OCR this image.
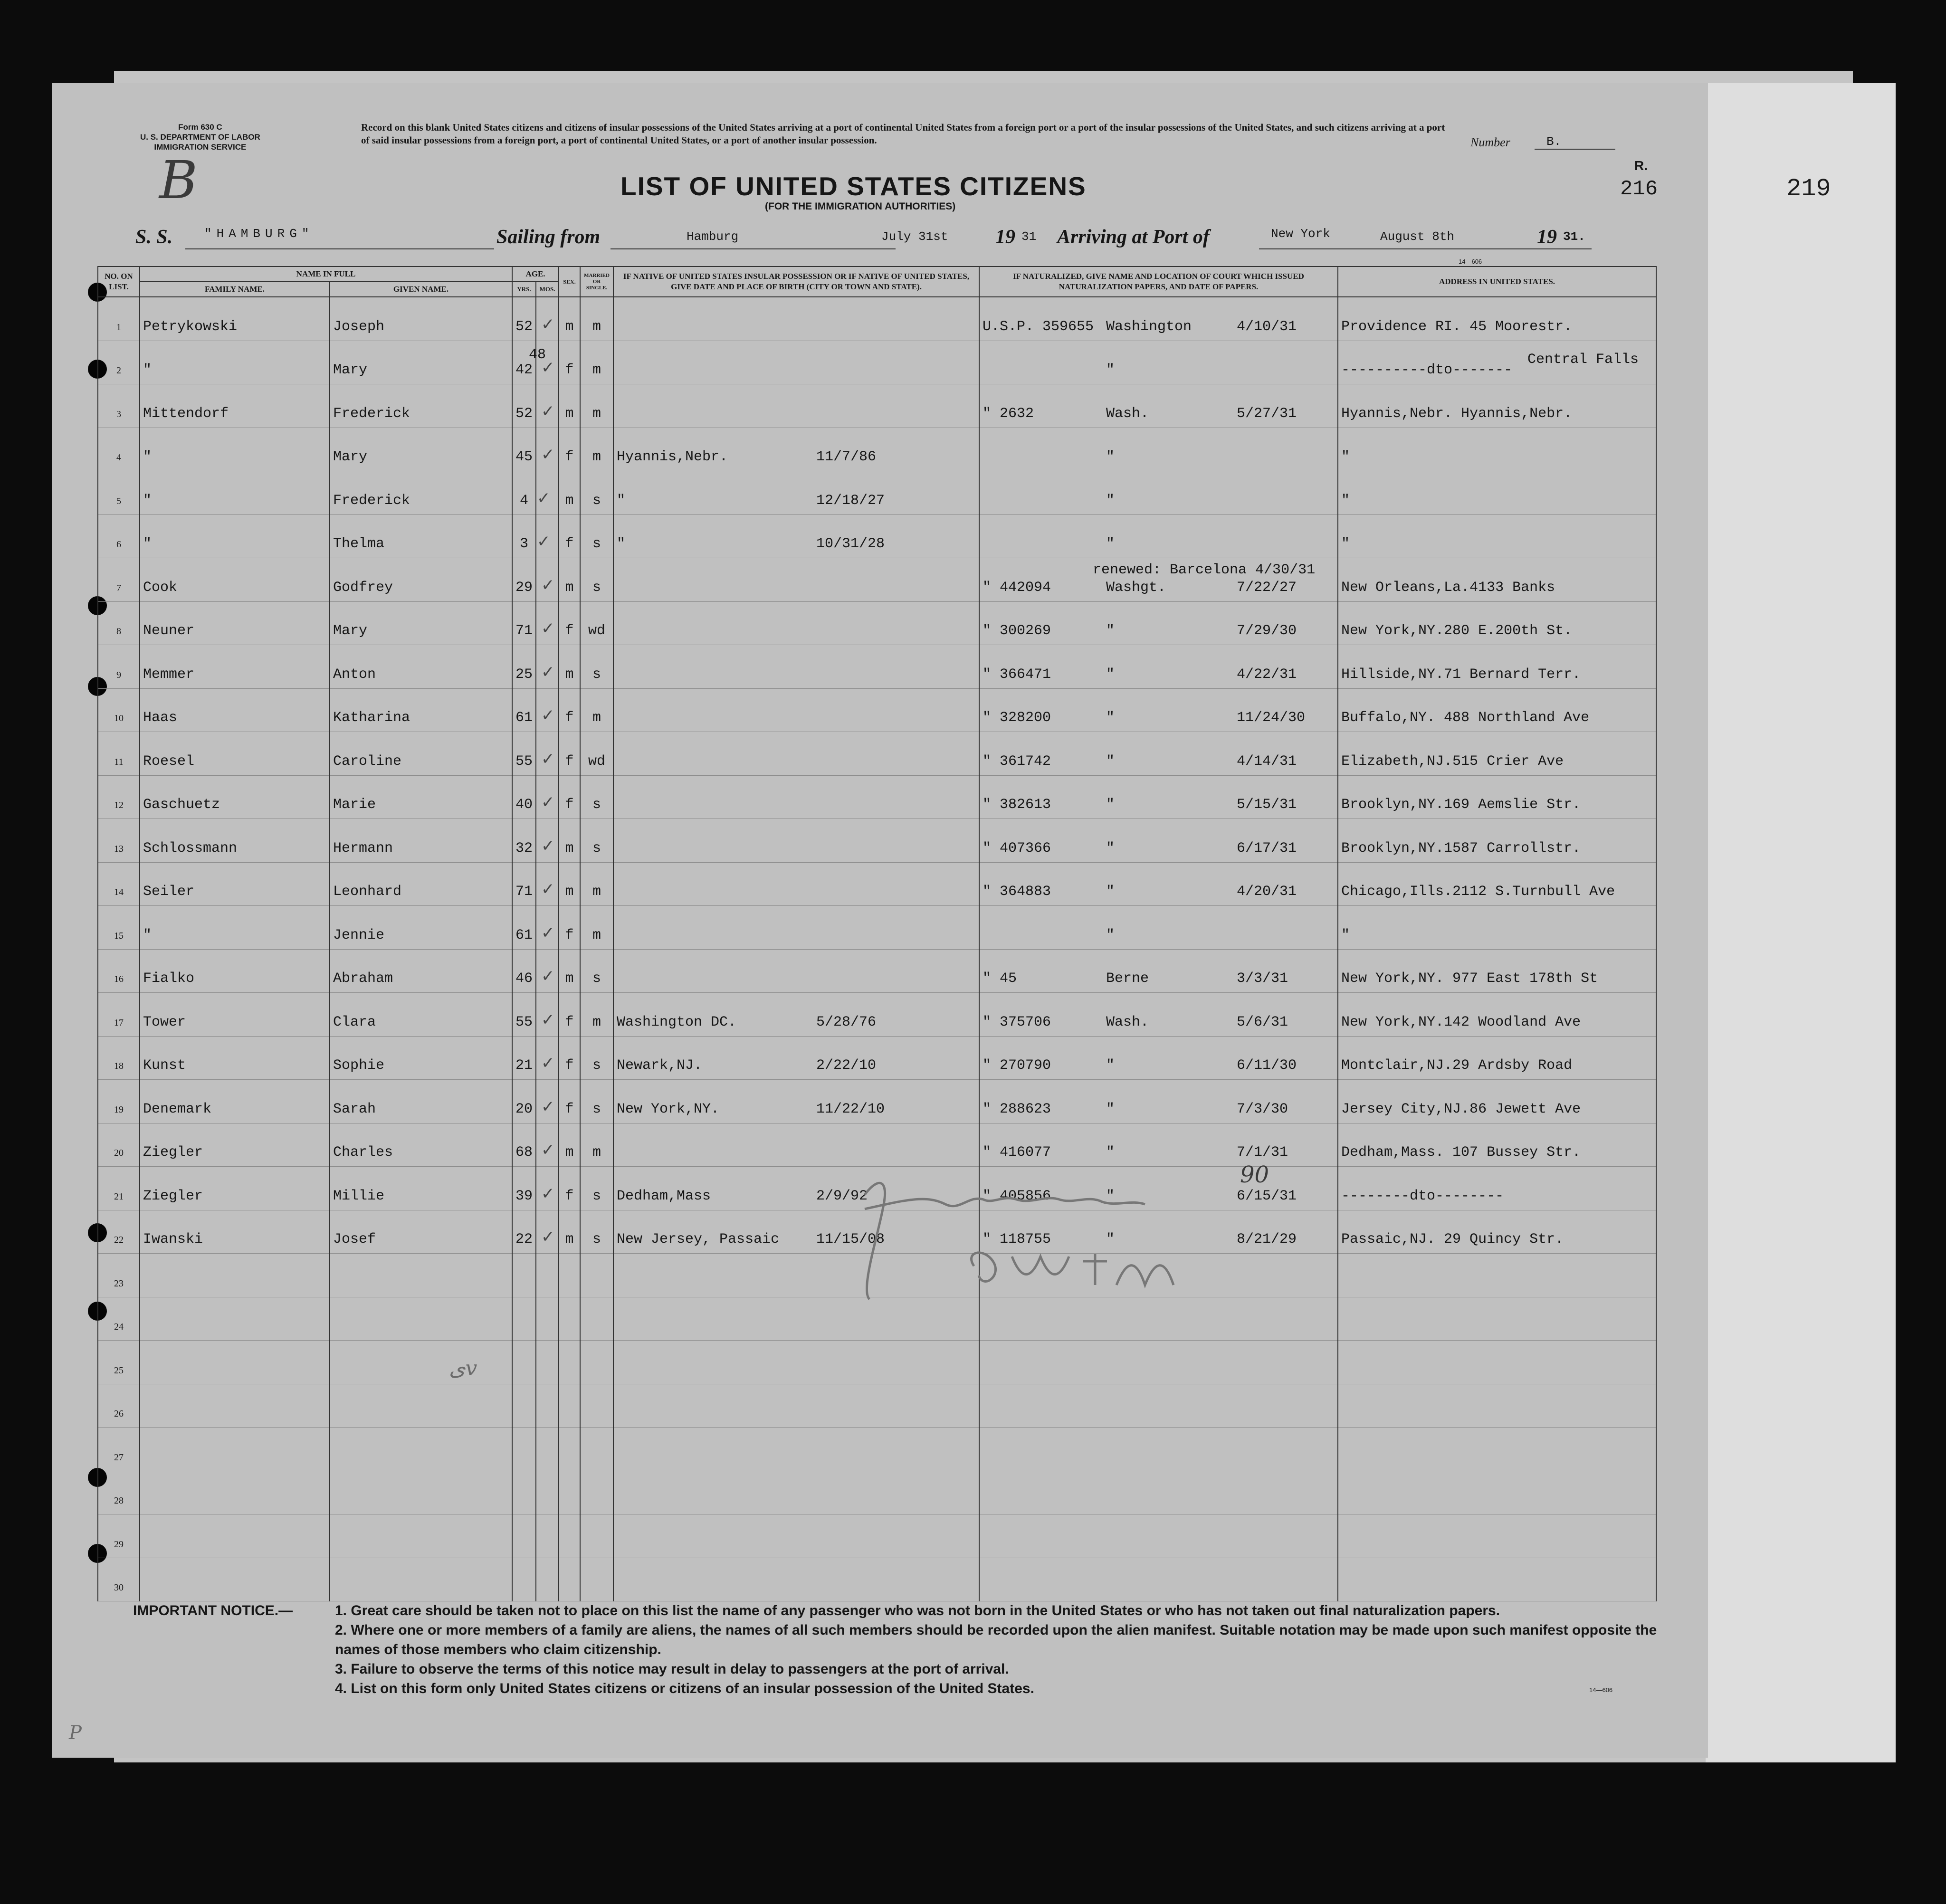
219
Form 630 C
U. S. DEPARTMENT OF LABOR
IMMIGRATION SERVICE
B
Record on this blank United States citizens and citizens of insular possessions of the United States arriving at a port of continental United States from a foreign port or a port of the insular possessions of the United States, and such citizens arriving at a port of said insular possessions from a foreign port, a port of continental United States, or a port of another insular possession.	Number	B.
R.
216
LIST OF UNITED STATES CITIZENS
(FOR THE IMMIGRATION AUTHORITIES)
S. S.	"HAMBURG"	Sailing from	Hamburg	July 31st 19 31 Arriving at Port of	New York	August 8th	19 31.
14—606
NO. ON LIST.	NAME IN FULL		AGE.		SEX.	MARRIED OR SINGLE.	IF NATIVE OF UNITED STATES INSULAR POSSESSION OR IF NATIVE OF UNITED STATES, GIVE DATE AND PLACE OF BIRTH (CITY OR TOWN AND STATE).	IF NATURALIZED, GIVE NAME AND LOCATION OF COURT WHICH ISSUED NATURALIZATION PAPERS, AND DATE OF PAPERS.	ADDRESS IN UNITED STATES.
	FAMILY NAME.	GIVEN NAME.	YRS.	MOS.					
1	Petrykowski	Joseph	52 ✓		m	m		U.S.P. 359655 Washington 4/10/31	Providence RI. 45 Moorestr.
2	"	Mary	42 ✓		f	m		"	----------dto-------
3	Mittendorf	Frederick	52 ✓		m	m		" 2632 Wash. 5/27/31	Hyannis,Nebr. Hyannis,Nebr.
4	"	Mary	45 ✓		f	m	Hyannis,Nebr. 11/7/86	"	"
5	"	Frederick	4 ✓		m	s	" 12/18/27	"	"
6	"	Thelma	3 ✓		f	s	" 10/31/28	"	"
7	Cook	Godfrey	29 ✓		m	s		" 442094 Washgt. 7/22/27	New Orleans,La.4133 Banks
8	Neuner	Mary	71 ✓		f	wd		" 300269 " 7/29/30	New York,NY.280 E.200th St.
9	Memmer	Anton	25 ✓		m	s		" 366471 " 4/22/31	Hillside,NY.71 Bernard Terr.
10	Haas	Katharina	61 ✓		f	m		" 328200 " 11/24/30	Buffalo,NY. 488 Northland Ave
11	Roesel	Caroline	55 ✓		f	wd		" 361742 " 4/14/31	Elizabeth,NJ.515 Crier Ave
12	Gaschuetz	Marie	40 ✓		f	s		" 382613 " 5/15/31	Brooklyn,NY.169 Aemslie Str.
13	Schlossmann	Hermann	32 ✓		m	s		" 407366 " 6/17/31	Brooklyn,NY.1587 Carrollstr.
14	Seiler	Leonhard	71 ✓		m	m		" 364883 " 4/20/31	Chicago,Ills.2112 S.Turnbull Ave
15	"	Jennie	61 ✓		f	m		"	"
16	Fialko	Abraham	46 ✓		m	s		" 45 Berne 3/3/31	New York,NY. 977 East 178th St
17	Tower	Clara	55 ✓		f	m	Washington DC. 5/28/76	" 375706 Wash. 5/6/31	New York,NY.142 Woodland Ave
18	Kunst	Sophie	21 ✓		f	s	Newark,NJ. 2/22/10	" 270790 " 6/11/30	Montclair,NJ.29 Ardsby Road
19	Denemark	Sarah	20 ✓		f	s	New York,NY. 11/22/10	" 288623 " 7/3/30	Jersey City,NJ.86 Jewett Ave
20	Ziegler	Charles	68 ✓		m	m		" 416077 " 7/1/31	Dedham,Mass. 107 Bussey Str.
21	Ziegler	Millie	39 ✓		f	s	Dedham,Mass 2/9/92	" 405856 " 6/15/31	--------dto--------
22	Iwanski	Josef	22 ✓		m	s	New Jersey, Passaic 11/15/08	" 118755 " 8/21/29	Passaic,NJ. 29 Quincy Str.
23									
24									
25									
26									
27									
28									
29									
30									
48	Central Falls
renewed: Barcelona 4/30/31
90
ىv
P
IMPORTANT NOTICE.—	1. Great care should be taken not to place on this list the name of any passenger who was not born in the United States or who has not taken out final naturalization papers.
2. Where one or more members of a family are aliens, the names of all such members should be recorded upon the alien manifest. Suitable notation may be made upon such manifest opposite the names of those members who claim citizenship.
3. Failure to observe the terms of this notice may result in delay to passengers at the port of arrival.
4. List on this form only United States citizens or citizens of an insular possession of the United States.	14—606
